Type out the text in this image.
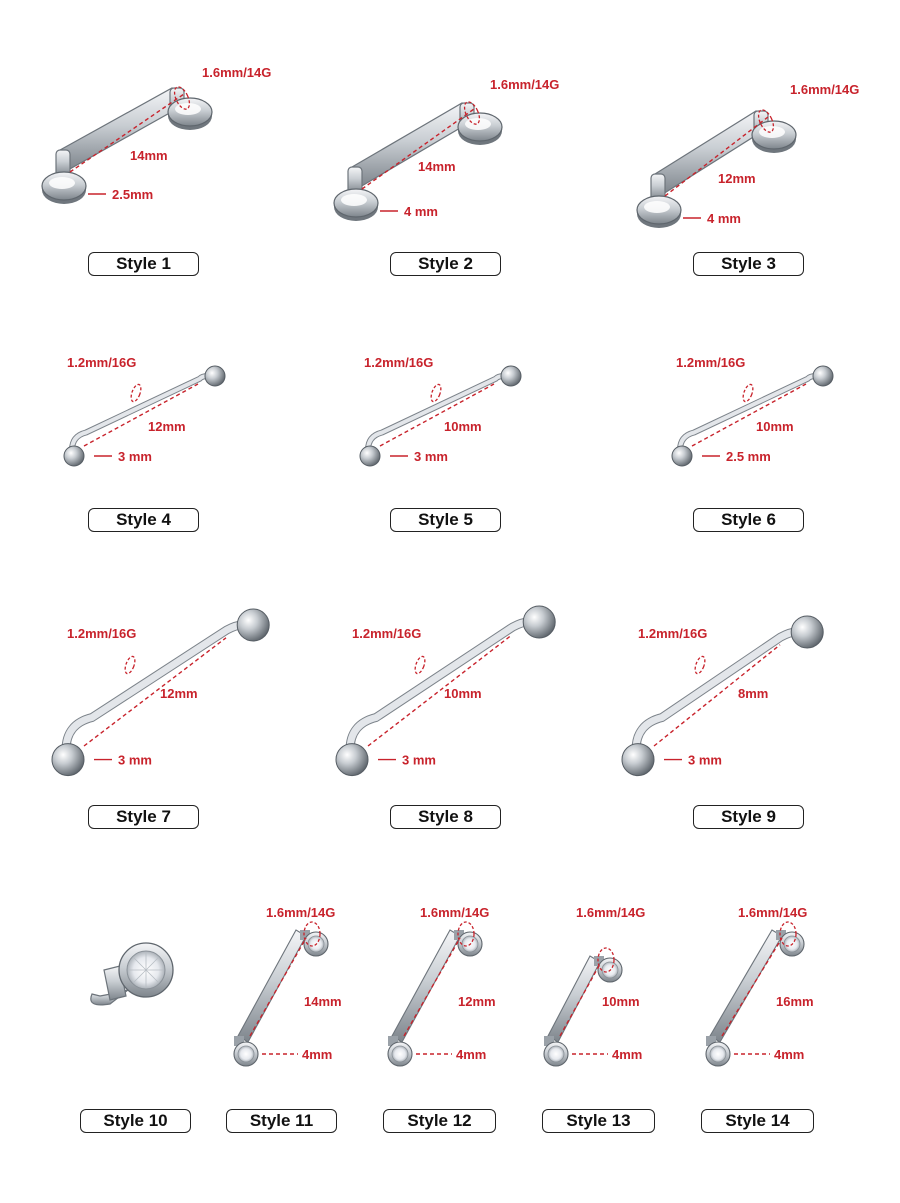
1.6mm/14G
14mm
2.5mm
1.6mm/14G
14mm
4 mm
1.6mm/14G
12mm
4 mm
1.2mm/16G
12mm
3 mm
1.2mm/16G
10mm
3 mm
1.2mm/16G
10mm
2.5 mm
1.2mm/16G
12mm
3 mm
1.2mm/16G
10mm
3 mm
1.2mm/16G
8mm
3 mm
1.6mm/14G
14mm
4mm
1.6mm/14G
12mm
4mm
1.6mm/14G
10mm
4mm
1.6mm/14G
16mm
4mm
Style 1	Style 2	Style 3
Style 4	Style 5	Style 6
Style 7	Style 8	Style 9
Style 10	Style 11	Style 12	Style 13	Style 14
